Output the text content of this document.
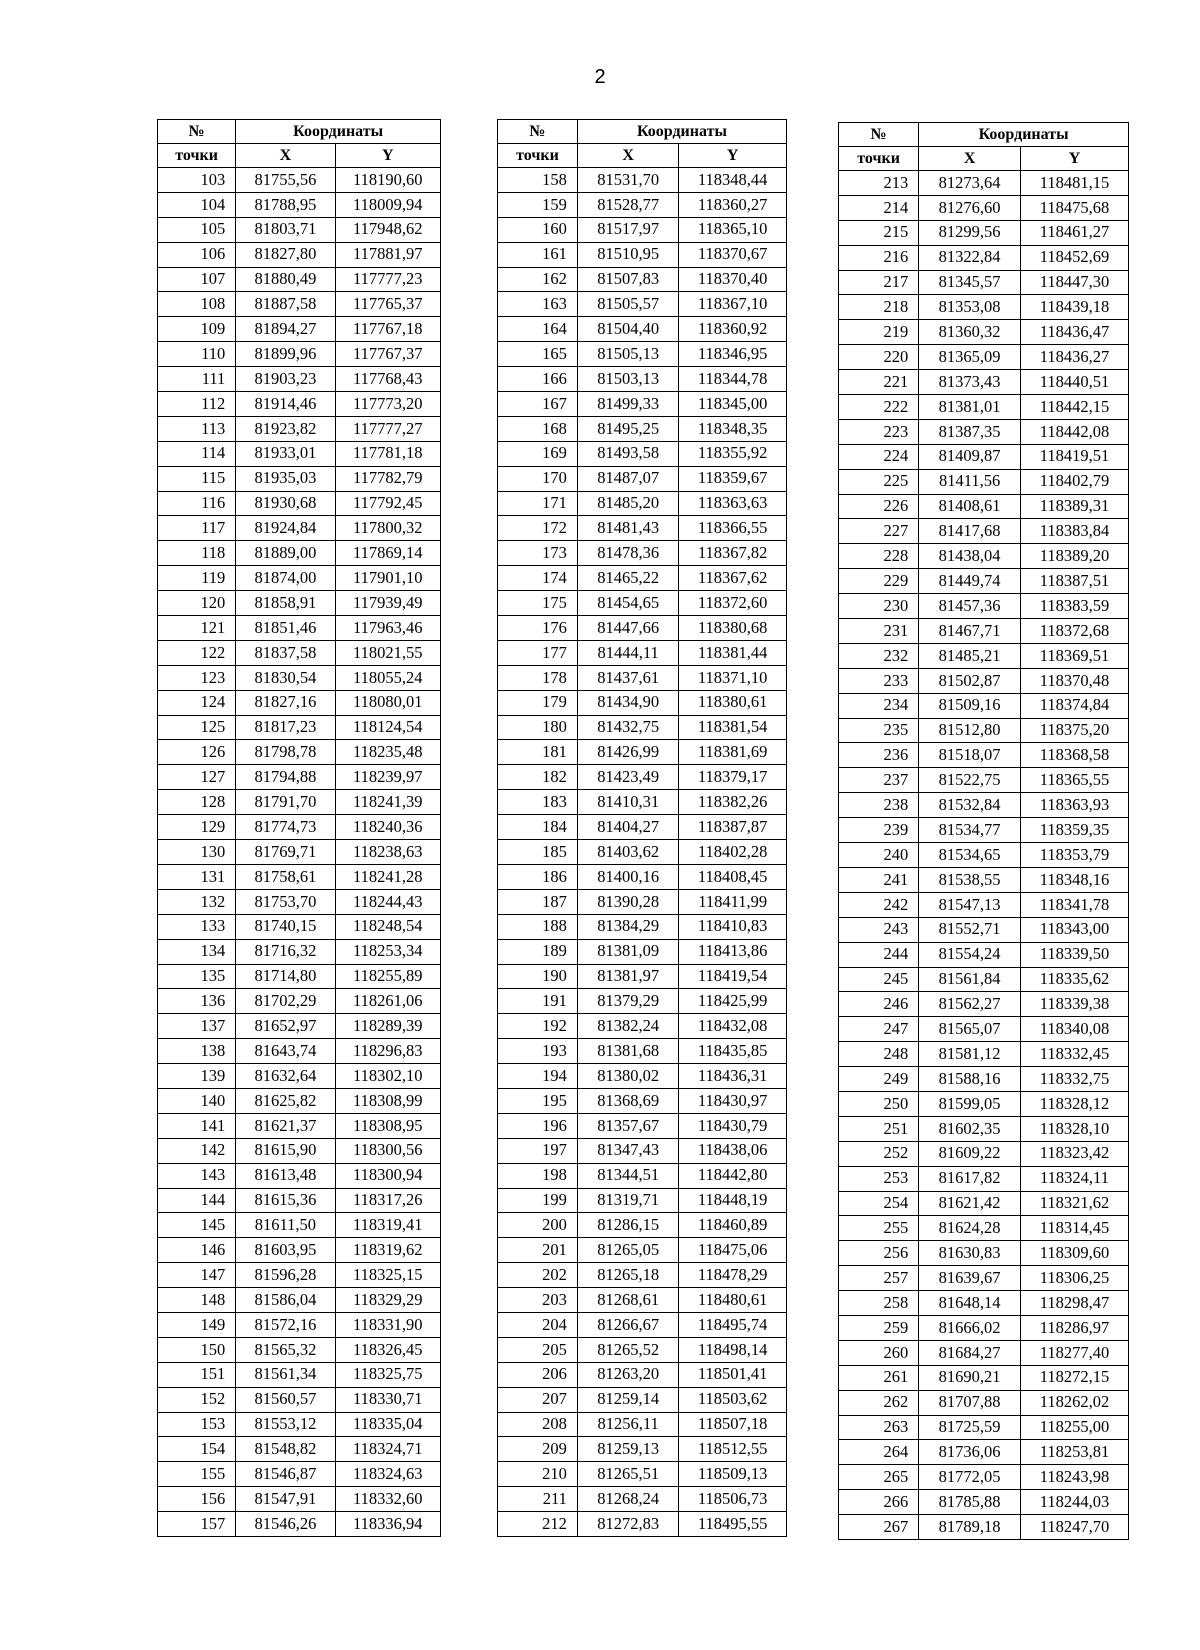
2
№	Координаты	
точки	X	Y
103	81755,56	118190,60
104	81788,95	118009,94
105	81803,71	117948,62
106	81827,80	117881,97
107	81880,49	117777,23
108	81887,58	117765,37
109	81894,27	117767,18
110	81899,96	117767,37
111	81903,23	117768,43
112	81914,46	117773,20
113	81923,82	117777,27
114	81933,01	117781,18
115	81935,03	117782,79
116	81930,68	117792,45
117	81924,84	117800,32
118	81889,00	117869,14
119	81874,00	117901,10
120	81858,91	117939,49
121	81851,46	117963,46
122	81837,58	118021,55
123	81830,54	118055,24
124	81827,16	118080,01
125	81817,23	118124,54
126	81798,78	118235,48
127	81794,88	118239,97
128	81791,70	118241,39
129	81774,73	118240,36
130	81769,71	118238,63
131	81758,61	118241,28
132	81753,70	118244,43
133	81740,15	118248,54
134	81716,32	118253,34
135	81714,80	118255,89
136	81702,29	118261,06
137	81652,97	118289,39
138	81643,74	118296,83
139	81632,64	118302,10
140	81625,82	118308,99
141	81621,37	118308,95
142	81615,90	118300,56
143	81613,48	118300,94
144	81615,36	118317,26
145	81611,50	118319,41
146	81603,95	118319,62
147	81596,28	118325,15
148	81586,04	118329,29
149	81572,16	118331,90
150	81565,32	118326,45
151	81561,34	118325,75
152	81560,57	118330,71
153	81553,12	118335,04
154	81548,82	118324,71
155	81546,87	118324,63
156	81547,91	118332,60
157	81546,26	118336,94
№	Координаты	
точки	X	Y
158	81531,70	118348,44
159	81528,77	118360,27
160	81517,97	118365,10
161	81510,95	118370,67
162	81507,83	118370,40
163	81505,57	118367,10
164	81504,40	118360,92
165	81505,13	118346,95
166	81503,13	118344,78
167	81499,33	118345,00
168	81495,25	118348,35
169	81493,58	118355,92
170	81487,07	118359,67
171	81485,20	118363,63
172	81481,43	118366,55
173	81478,36	118367,82
174	81465,22	118367,62
175	81454,65	118372,60
176	81447,66	118380,68
177	81444,11	118381,44
178	81437,61	118371,10
179	81434,90	118380,61
180	81432,75	118381,54
181	81426,99	118381,69
182	81423,49	118379,17
183	81410,31	118382,26
184	81404,27	118387,87
185	81403,62	118402,28
186	81400,16	118408,45
187	81390,28	118411,99
188	81384,29	118410,83
189	81381,09	118413,86
190	81381,97	118419,54
191	81379,29	118425,99
192	81382,24	118432,08
193	81381,68	118435,85
194	81380,02	118436,31
195	81368,69	118430,97
196	81357,67	118430,79
197	81347,43	118438,06
198	81344,51	118442,80
199	81319,71	118448,19
200	81286,15	118460,89
201	81265,05	118475,06
202	81265,18	118478,29
203	81268,61	118480,61
204	81266,67	118495,74
205	81265,52	118498,14
206	81263,20	118501,41
207	81259,14	118503,62
208	81256,11	118507,18
209	81259,13	118512,55
210	81265,51	118509,13
211	81268,24	118506,73
212	81272,83	118495,55
№	Координаты	
точки	X	Y
213	81273,64	118481,15
214	81276,60	118475,68
215	81299,56	118461,27
216	81322,84	118452,69
217	81345,57	118447,30
218	81353,08	118439,18
219	81360,32	118436,47
220	81365,09	118436,27
221	81373,43	118440,51
222	81381,01	118442,15
223	81387,35	118442,08
224	81409,87	118419,51
225	81411,56	118402,79
226	81408,61	118389,31
227	81417,68	118383,84
228	81438,04	118389,20
229	81449,74	118387,51
230	81457,36	118383,59
231	81467,71	118372,68
232	81485,21	118369,51
233	81502,87	118370,48
234	81509,16	118374,84
235	81512,80	118375,20
236	81518,07	118368,58
237	81522,75	118365,55
238	81532,84	118363,93
239	81534,77	118359,35
240	81534,65	118353,79
241	81538,55	118348,16
242	81547,13	118341,78
243	81552,71	118343,00
244	81554,24	118339,50
245	81561,84	118335,62
246	81562,27	118339,38
247	81565,07	118340,08
248	81581,12	118332,45
249	81588,16	118332,75
250	81599,05	118328,12
251	81602,35	118328,10
252	81609,22	118323,42
253	81617,82	118324,11
254	81621,42	118321,62
255	81624,28	118314,45
256	81630,83	118309,60
257	81639,67	118306,25
258	81648,14	118298,47
259	81666,02	118286,97
260	81684,27	118277,40
261	81690,21	118272,15
262	81707,88	118262,02
263	81725,59	118255,00
264	81736,06	118253,81
265	81772,05	118243,98
266	81785,88	118244,03
267	81789,18	118247,70
